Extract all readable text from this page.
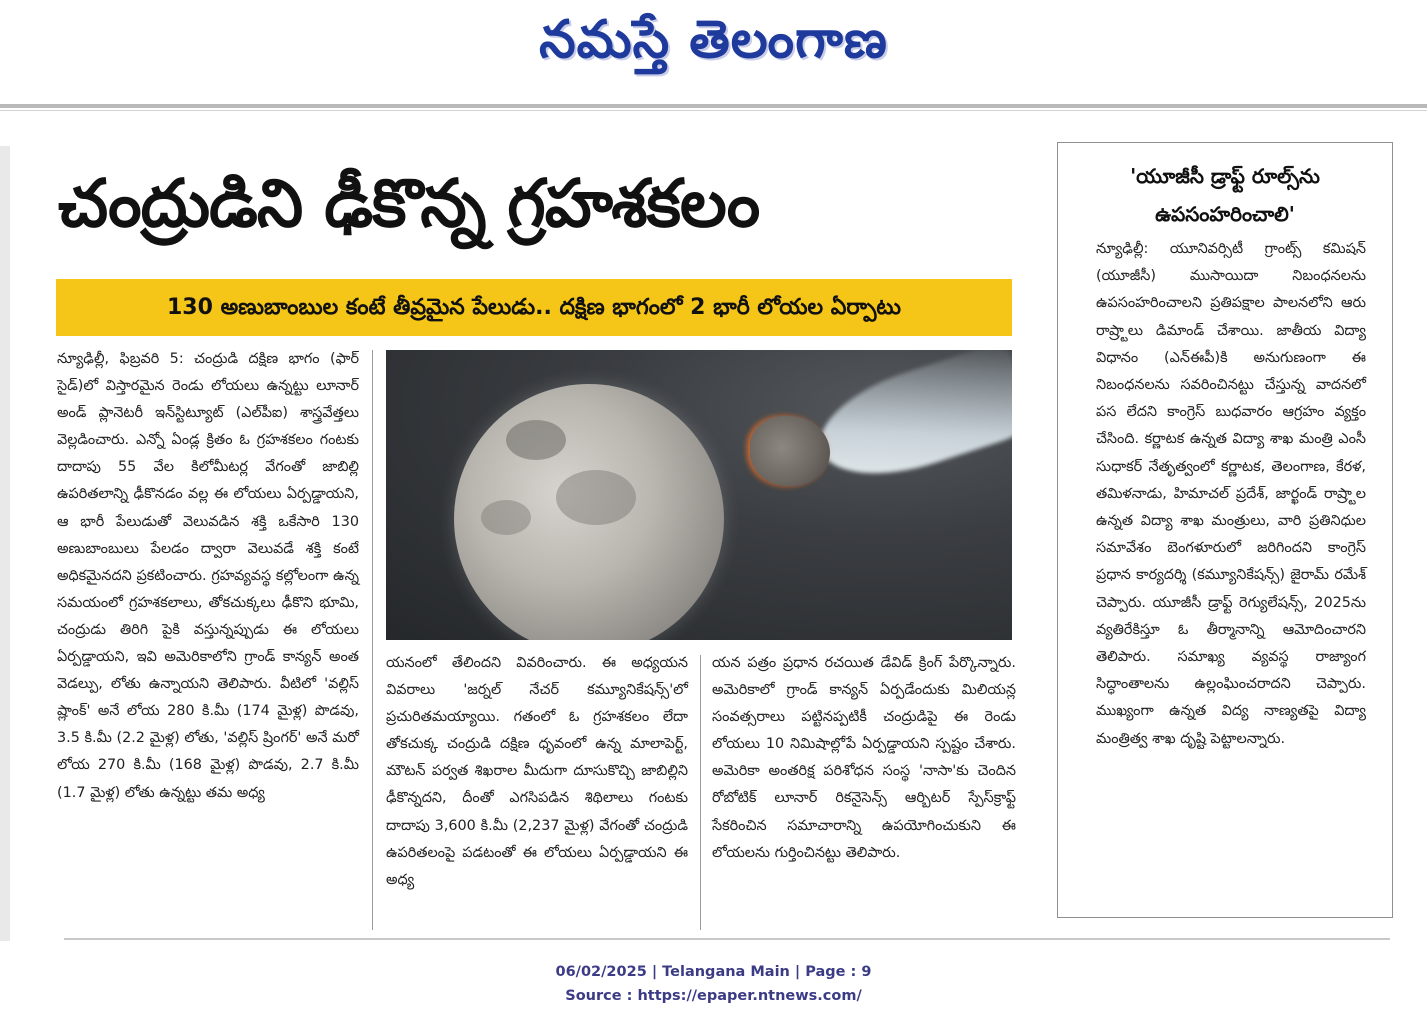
నమస్తే తెలంగాణ
చంద్రుడిని ఢీకొన్న గ్రహశకలం
130 అణుబాంబుల కంటే తీవ్రమైన పేలుడు.. దక్షిణ భాగంలో 2 భారీ లోయల ఏర్పాటు

న్యూఢిల్లీ, ఫిబ్రవరి 5: చంద్రుడి దక్షిణ భాగం (ఫార్ సైడ్)లో విస్తారమైన రెండు లోయలు ఉన్నట్టు లూనార్ అండ్ ప్లానెటరీ ఇన్‌స్టిట్యూట్ (ఎల్‌పీఐ) శాస్త్రవేత్తలు వెల్లడించారు. ఎన్నో ఏండ్ల క్రితం ఓ గ్రహశకలం గంటకు దాదాపు 55 వేల కిలోమీటర్ల వేగంతో జాబిల్లి ఉపరితలాన్ని ఢీకొనడం వల్ల ఈ లోయలు ఏర్పడ్డాయని, ఆ భారీ పేలుడుతో వెలువడిన శక్తి ఒకేసారి 130 అణుబాంబులు పేలడం ద్వారా వెలువడే శక్తి కంటే అధికమైనదని ప్రకటించారు. గ్రహవ్యవస్థ కల్లోలంగా ఉన్న సమయంలో గ్రహశకలాలు, తోకచుక్కలు ఢీకొని భూమి, చంద్రుడు తిరిగి పైకి వస్తున్నప్పుడు ఈ లోయలు ఏర్పడ్డాయని, ఇవి అమెరికాలోని గ్రాండ్ కాన్యన్ అంత వెడల్పు, లోతు ఉన్నాయని తెలిపారు. వీటిలో 'వల్లిస్ ష్లాంక్' అనే లోయ 280 కి.మీ (174 మైళ్ల) పొడవు, 3.5 కి.మీ (2.2 మైళ్ల) లోతు, 'వల్లిస్ ష్రింగర్' అనే మరో లోయ 270 కి.మీ (168 మైళ్ల) పొడవు, 2.7 కి.మీ (1.7 మైళ్ల) లోతు ఉన్నట్టు తమ అధ్య

యనంలో తేలిందని వివరించారు. ఈ అధ్యయన వివరాలు 'జర్నల్ నేచర్ కమ్యూనికేషన్స్'లో ప్రచురితమయ్యాయి. గతంలో ఓ గ్రహశకలం లేదా తోకచుక్క చంద్రుడి దక్షిణ ధృవంలో ఉన్న మాలాపెర్ట్, మౌటన్ పర్వత శిఖరాల మీదుగా దూసుకొచ్చి జాబిల్లిని ఢీకొన్నదని, దీంతో ఎగసిపడిన శిథిలాలు గంటకు దాదాపు 3,600 కి.మీ (2,237 మైళ్ల) వేగంతో చంద్రుడి ఉపరితలంపై పడటంతో ఈ లోయలు ఏర్పడ్డాయని ఈ అధ్య

యన పత్రం ప్రధాన రచయిత డేవిడ్ క్రింగ్ పేర్కొన్నారు. అమెరికాలో గ్రాండ్ కాన్యన్ ఏర్పడేందుకు మిలియన్ల సంవత్సరాలు పట్టినప్పటికీ చంద్రుడిపై ఈ రెండు లోయలు 10 నిమిషాల్లోపే ఏర్పడ్డాయని స్పష్టం చేశారు. అమెరికా అంతరిక్ష పరిశోధన సంస్థ 'నాసా'కు చెందిన రోబోటిక్ లూనార్ రికనైసెన్స్ ఆర్బిటర్ స్పేస్‌క్రాఫ్ట్ సేకరించిన సమాచారాన్ని ఉపయోగించుకుని ఈ లోయలను గుర్తించినట్టు తెలిపారు.

'యూజీసీ డ్రాఫ్ట్ రూల్స్‌ను
ఉపసంహరించాలి'

న్యూఢిల్లీ: యూనివర్సిటీ గ్రాంట్స్ కమిషన్ (యూజీసీ) ముసాయిదా నిబంధనలను ఉపసంహరించాలని ప్రతిపక్షాల పాలనలోని ఆరు రాష్ర్టాలు డిమాండ్ చేశాయి. జాతీయ విద్యా విధానం (ఎన్ఈపీ)కి అనుగుణంగా ఈ నిబంధనలను సవరించినట్టు చేస్తున్న వాదనలో పస లేదని కాంగ్రెస్ బుధవారం ఆగ్రహం వ్యక్తం చేసింది. కర్ణాటక ఉన్నత విద్యా శాఖ మంత్రి ఎంసీ సుధాకర్ నేతృత్వంలో కర్ణాటక, తెలంగాణ, కేరళ, తమిళనాడు, హిమాచల్ ప్రదేశ్, జార్ఖండ్ రాష్ర్టాల ఉన్నత విద్యా శాఖ మంత్రులు, వారి ప్రతినిధుల సమావేశం బెంగళూరులో జరిగిందని కాంగ్రెస్ ప్రధాన కార్యదర్శి (కమ్యూనికేషన్స్) జైరామ్ రమేశ్ చెప్పారు. యూజీసీ డ్రాఫ్ట్ రెగ్యులేషన్స్, 2025ను వ్యతిరేకిస్తూ ఓ తీర్మానాన్ని ఆమోదించారని తెలిపారు. సమాఖ్య వ్యవస్థ రాజ్యాంగ సిద్ధాంతాలను ఉల్లంఘించరాదని చెప్పారు. ముఖ్యంగా ఉన్నత విద్య నాణ్యతపై విద్యా మంత్రిత్వ శాఖ దృష్టి పెట్టాలన్నారు.

06/02/2025 | Telangana Main | Page : 9
Source : https://epaper.ntnews.com/
